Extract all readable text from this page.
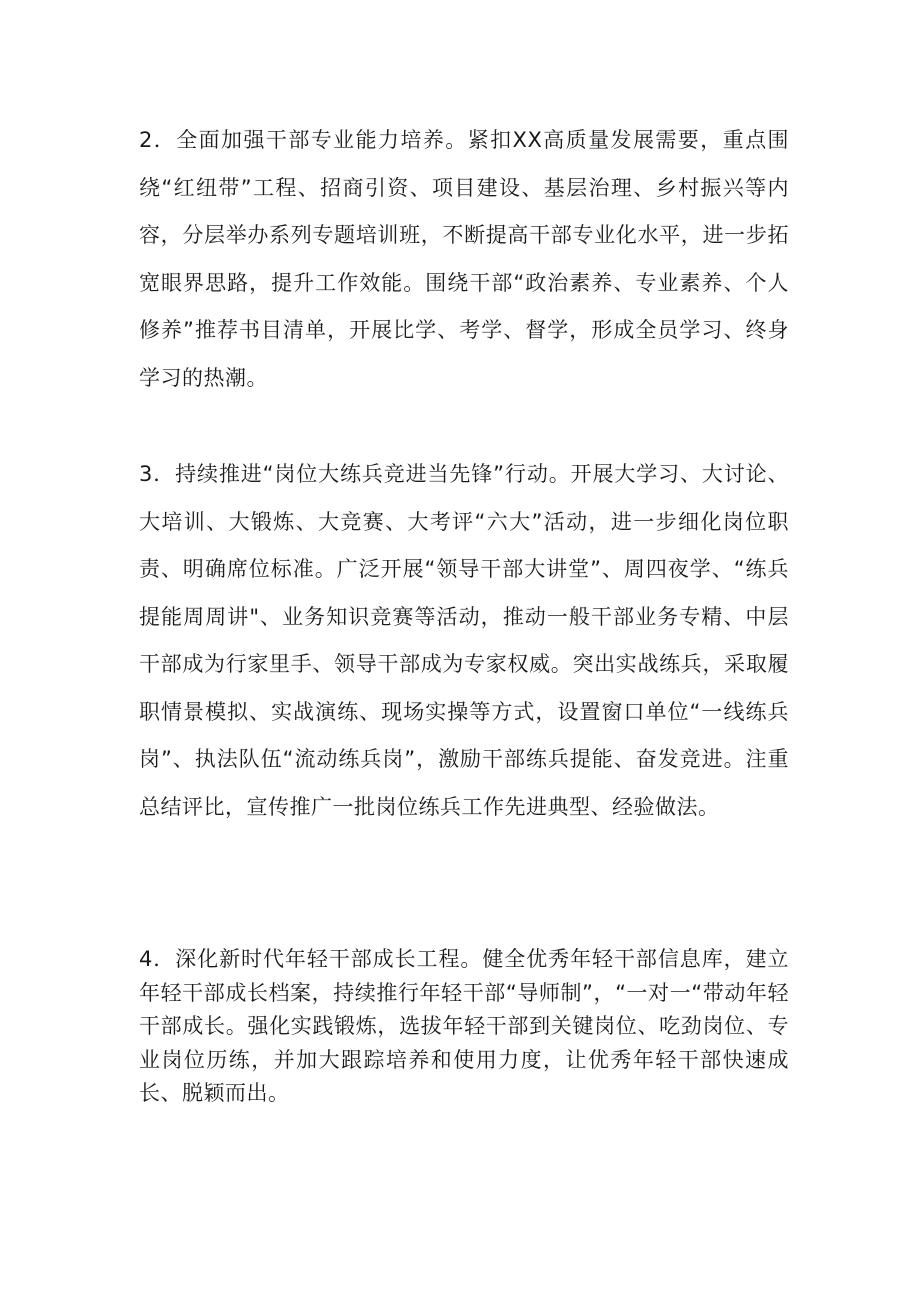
2．全面加强干部专业能力培养。紧扣XX高质量发展需要，重点围绕“红纽带”工程、招商引资、项目建设、基层治理、乡村振兴等内容，分层举办系列专题培训班，不断提高干部专业化水平，进一步拓宽眼界思路，提升工作效能。围绕干部“政治素养、专业素养、个人修养”推荐书目清单，开展比学、考学、督学，形成全员学习、终身学习的热潮。

3．持续推进“岗位大练兵竞进当先锋”行动。开展大学习、大讨论、大培训、大锻炼、大竞赛、大考评“六大”活动，进一步细化岗位职责、明确席位标准。广泛开展“领导干部大讲堂”、周四夜学、“练兵提能周周讲"、业务知识竞赛等活动，推动一般干部业务专精、中层干部成为行家里手、领导干部成为专家权威。突出实战练兵，采取履职情景模拟、实战演练、现场实操等方式，设置窗口单位“一线练兵岗”、执法队伍“流动练兵岗”，激励干部练兵提能、奋发竞进。注重总结评比，宣传推广一批岗位练兵工作先进典型、经验做法。

4．深化新时代年轻干部成长工程。健全优秀年轻干部信息库，建立年轻干部成长档案，持续推行年轻干部“导师制”，“一对一“带动年轻干部成长。强化实践锻炼，选拔年轻干部到关键岗位、吃劲岗位、专业岗位历练，并加大跟踪培养和使用力度，让优秀年轻干部快速成长、脱颖而出。
